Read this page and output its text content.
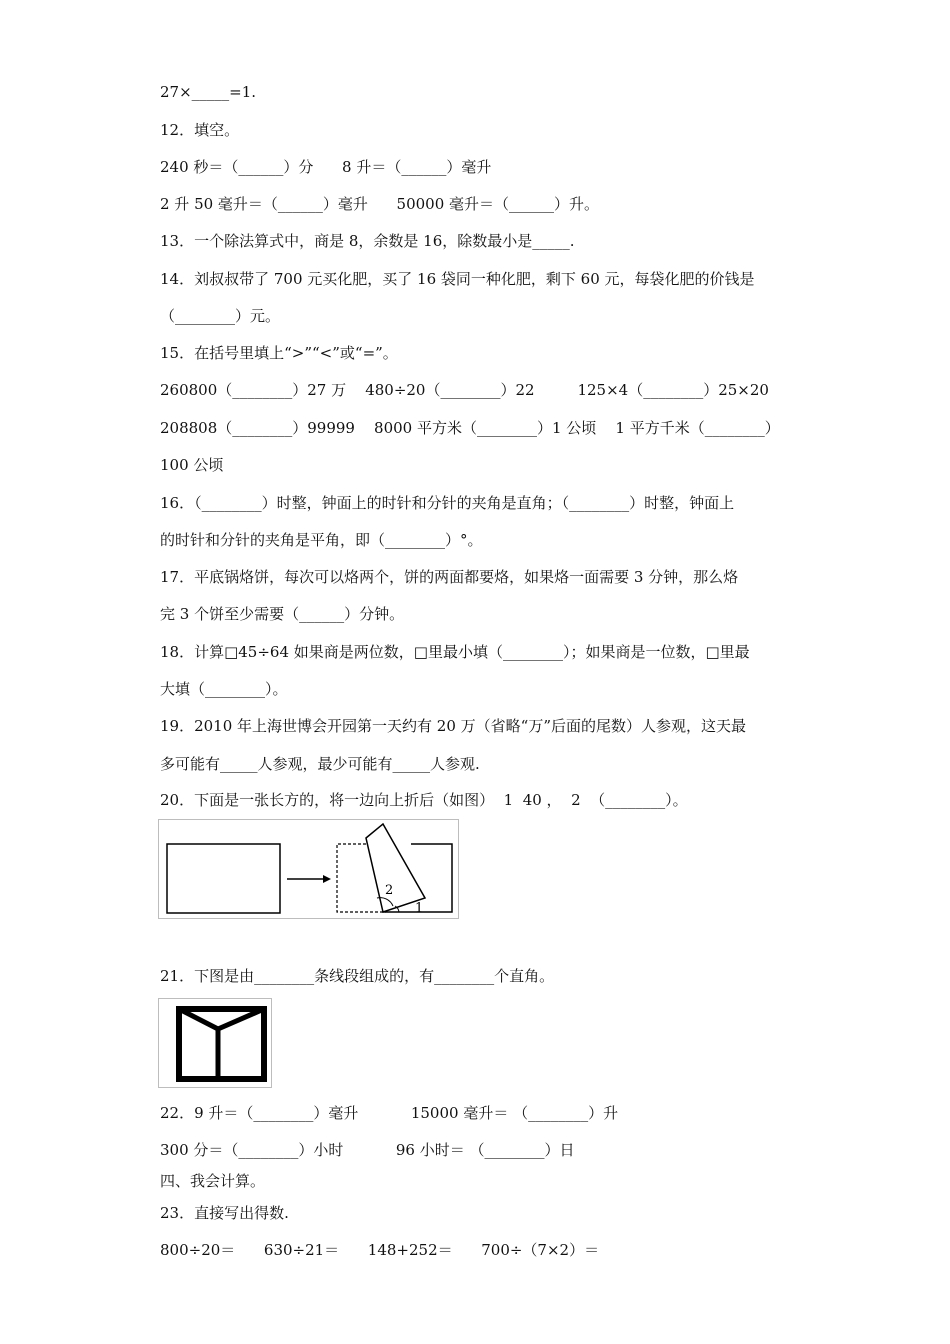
27×_____=1.
12．填空。
240 秒＝（______）分      8 升＝（______）毫升
2 升 50 毫升＝（______）毫升      50000 毫升＝（______）升。
13．一个除法算式中，商是 8，余数是 16，除数最小是_____.
14．刘叔叔带了 700 元买化肥，买了 16 袋同一种化肥，剩下 60 元，每袋化肥的价钱是
（________）元。
15．在括号里填上“>”“<”或“=”。
260800（________）27 万    480÷20（________）22         125×4（________）25×20
208808（________）99999    8000 平方米（________）1 公顷    1 平方千米（________）
100 公顷
16．（________）时整，钟面上的时针和分针的夹角是直角；（________）时整，钟面上
的时针和分针的夹角是平角，即（________）°。
17．平底锅烙饼，每次可以烙两个，饼的两面都要烙，如果烙一面需要 3 分钟，那么烙
完 3 个饼至少需要（______）分钟。
18．计算□45÷64 如果商是两位数，□里最小填（________）；如果商是一位数，□里最
大填（________）。
19．2010 年上海世博会开园第一天约有 20 万（省略“万”后面的尾数）人参观，这天最
多可能有_____人参观，最少可能有_____人参观.
20．下面是一张长方的，将一边向上折后（如图）  1  40 ，  2  （________）。
2
1
21．下图是由________条线段组成的，有________个直角。
22．9 升＝（________）毫升           15000 毫升＝ （________）升
300 分＝（________）小时           96 小时＝ （________）日
四、我会计算。
23．直接写出得数.
800÷20＝      630÷21＝      148+252＝      700÷（7×2）＝
